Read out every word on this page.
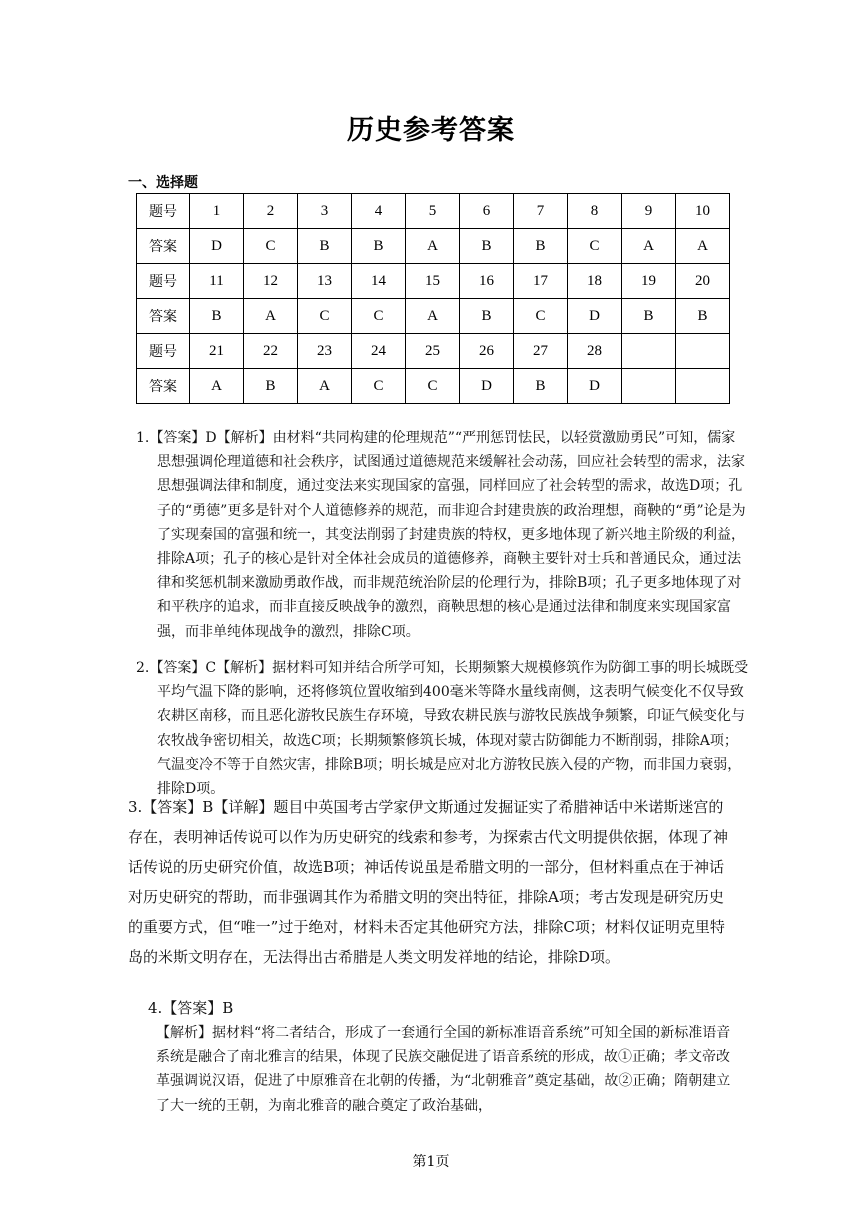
历史参考答案
一、选择题
题号	1	2	3	4	5	6	7	8	9	10
答案	D	C	B	B	A	B	B	C	A	A
题号	11	12	13	14	15	16	17	18	19	20
答案	B	A	C	C	A	B	C	D	B	B
题号	21	22	23	24	25	26	27	28		
答案	A	B	A	C	C	D	B	D		
1.【答案】D【解析】由材料“共同构建的伦理规范”“严刑惩罚怯民，以轻赏激励勇民”可知，儒家思想强调伦理道德和社会秩序，试图通过道德规范来缓解社会动荡，回应社会转型的需求，法家思想强调法律和制度，通过变法来实现国家的富强，同样回应了社会转型的需求，故选D项；孔子的“勇德”更多是针对个人道德修养的规范，而非迎合封建贵族的政治理想，商鞅的“勇”论是为了实现秦国的富强和统一，其变法削弱了封建贵族的特权，更多地体现了新兴地主阶级的利益，排除A项；孔子的核心是针对全体社会成员的道德修养，商鞅主要针对士兵和普通民众，通过法律和奖惩机制来激励勇敢作战，而非规范统治阶层的伦理行为，排除B项；孔子更多地体现了对和平秩序的追求，而非直接反映战争的激烈，商鞅思想的核心是通过法律和制度来实现国家富强，而非单纯体现战争的激烈，排除C项。
2.【答案】C【解析】据材料可知并结合所学可知，长期频繁大规模修筑作为防御工事的明长城既受平均气温下降的影响，还将修筑位置收缩到400毫米等降水量线南侧，这表明气候变化不仅导致农耕区南移，而且恶化游牧民族生存环境，导致农耕民族与游牧民族战争频繁，印证气候变化与农牧战争密切相关，故选C项；长期频繁修筑长城，体现对蒙古防御能力不断削弱，排除A项；气温变冷不等于自然灾害，排除B项；明长城是应对北方游牧民族入侵的产物，而非国力衰弱，排除D项。
3.【答案】B【详解】题目中英国考古学家伊文斯通过发掘证实了希腊神话中米诺斯迷宫的存在，表明神话传说可以作为历史研究的线索和参考，为探索古代文明提供依据，体现了神话传说的历史研究价值，故选B项；神话传说虽是希腊文明的一部分，但材料重点在于神话对历史研究的帮助，而非强调其作为希腊文明的突出特征，排除A项；考古发现是研究历史的重要方式，但“唯一”过于绝对，材料未否定其他研究方法，排除C项；材料仅证明克里特岛的米斯文明存在，无法得出古希腊是人类文明发祥地的结论，排除D项。
4.【答案】B
【解析】据材料“将二者结合，形成了一套通行全国的新标准语音系统”可知全国的新标准语音系统是融合了南北雅言的结果，体现了民族交融促进了语音系统的形成，故①正确；孝文帝改革强调说汉语，促进了中原雅音在北朝的传播，为“北朝雅音”奠定基础，故②正确；隋朝建立了大一统的王朝，为南北雅音的融合奠定了政治基础，
第1页
